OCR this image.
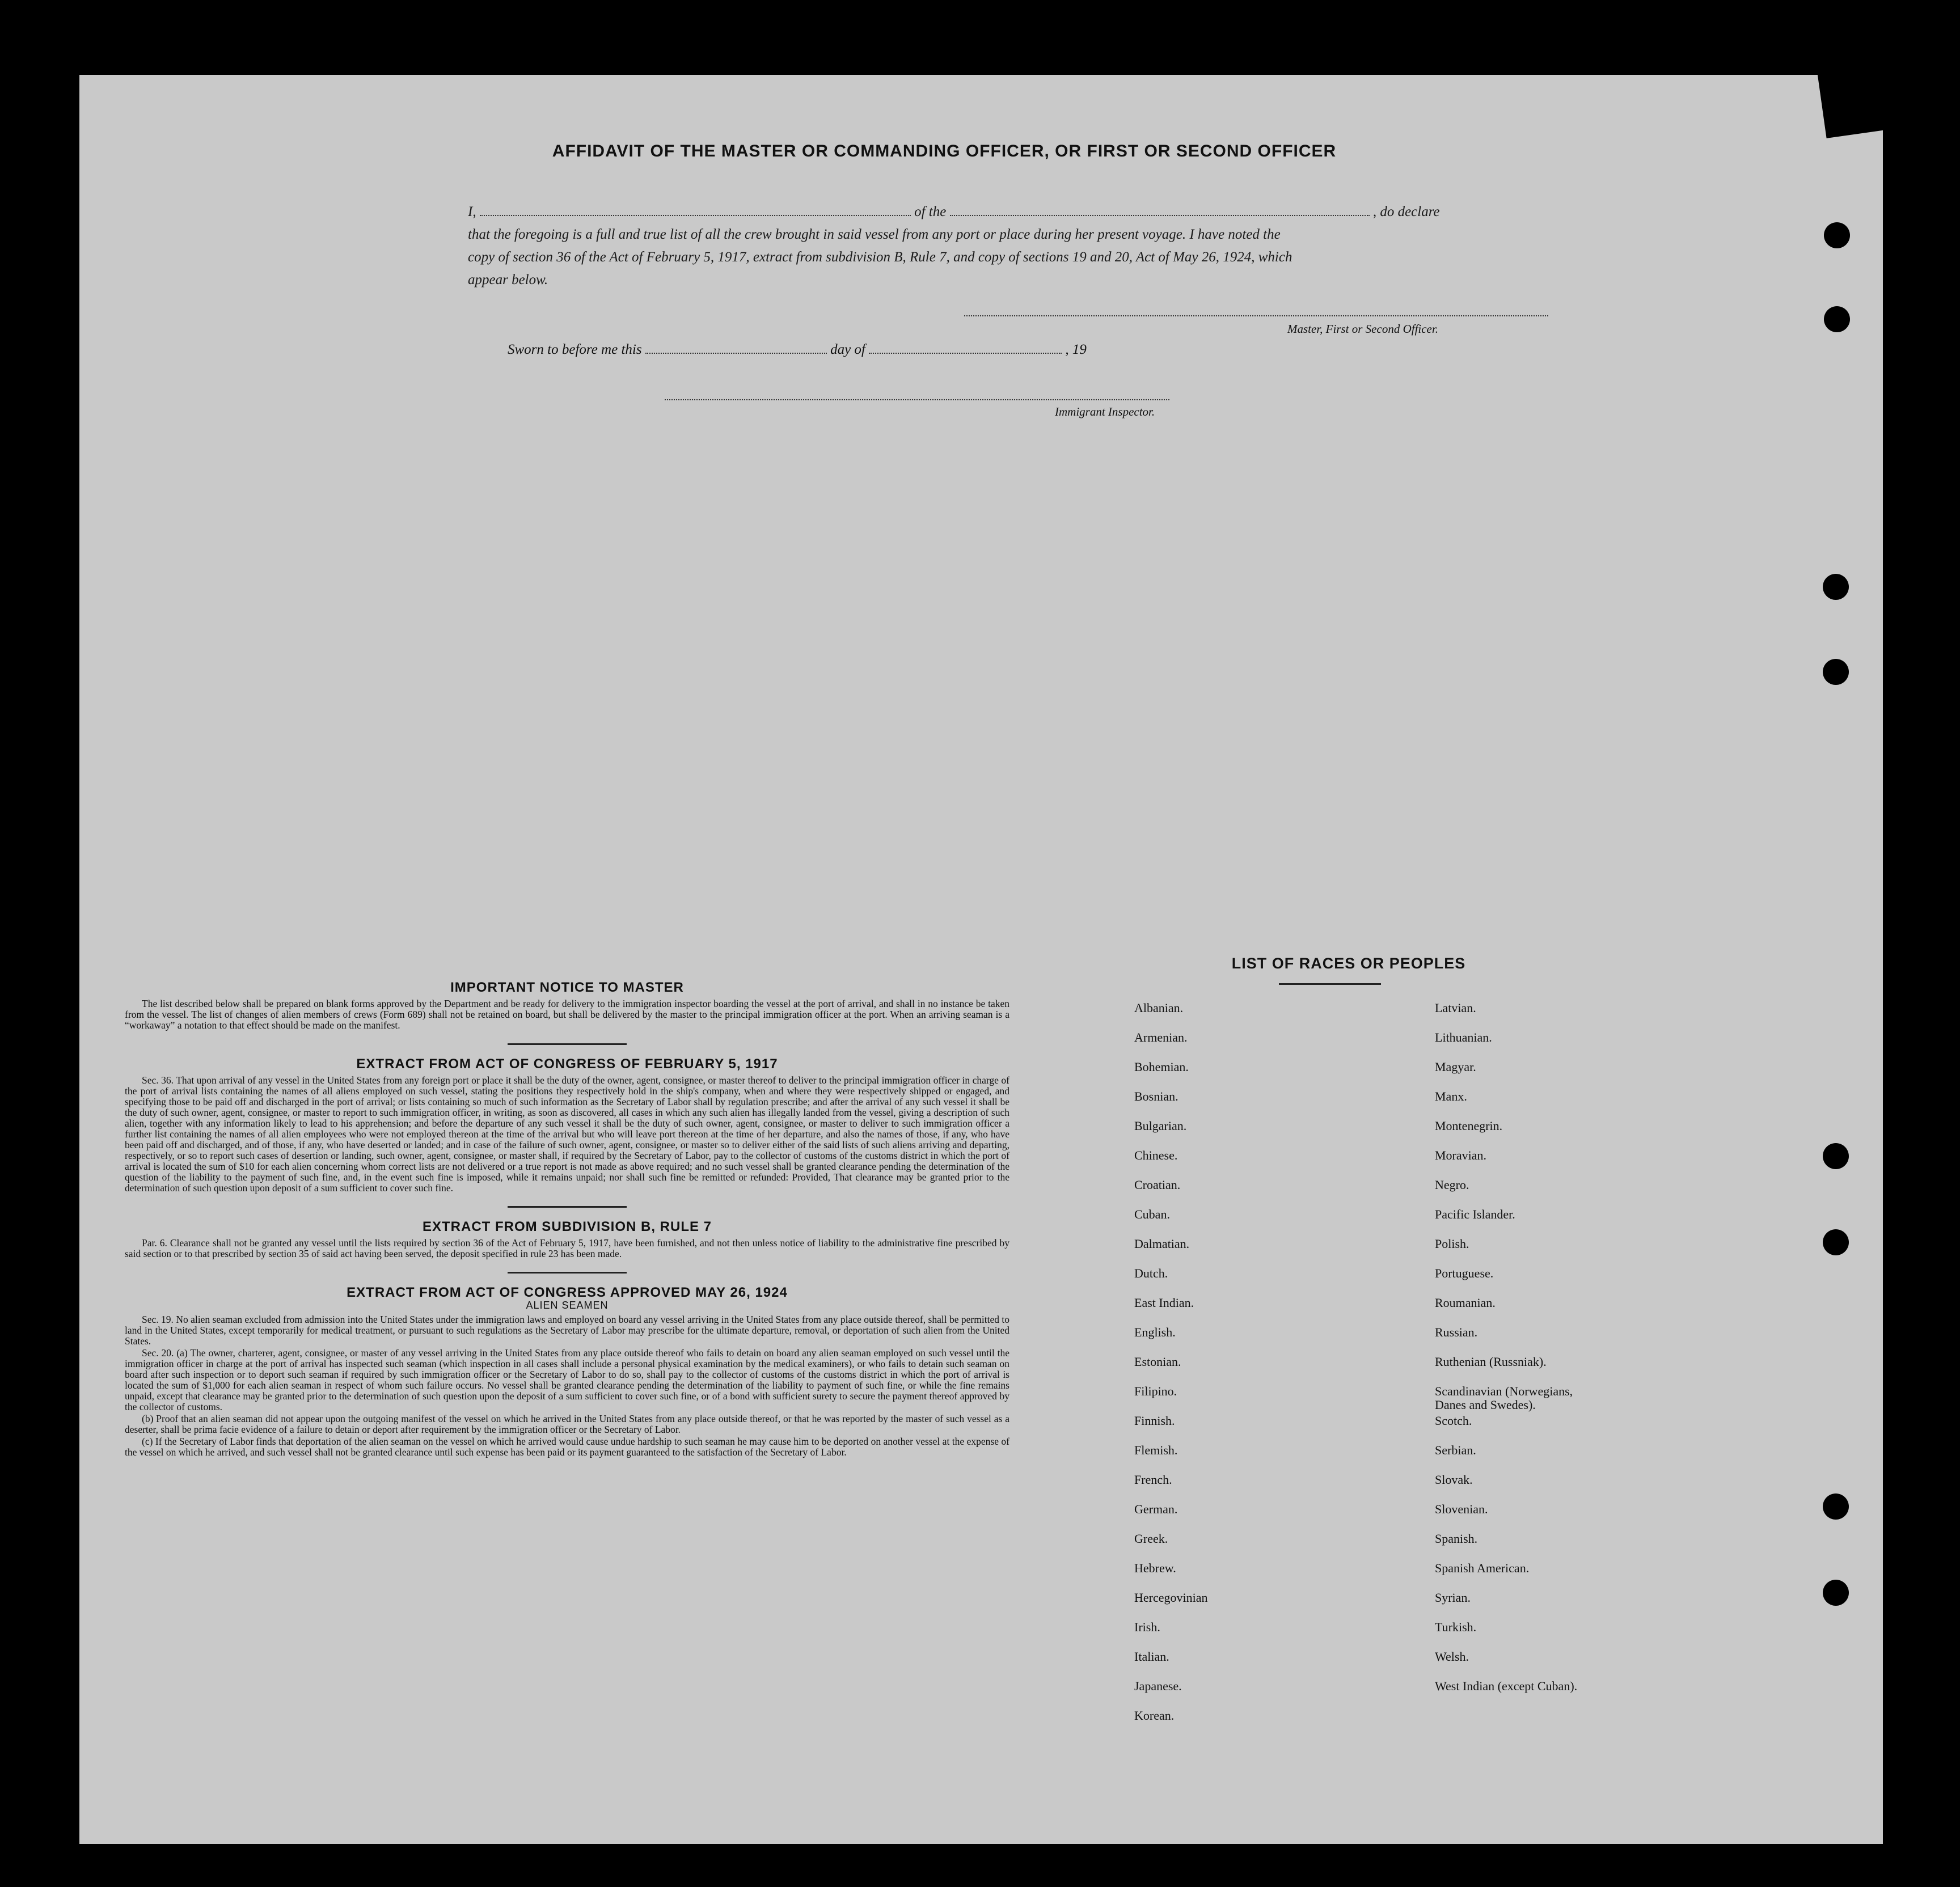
AFFIDAVIT OF THE MASTER OR COMMANDING OFFICER, OR FIRST OR SECOND OFFICER
I,	of the	, do declare
that the foregoing is a full and true list of all the crew brought in said vessel from any port or place during her present voyage. I have noted the
copy of section 36 of the Act of February 5, 1917, extract from subdivision B, Rule 7, and copy of sections 19 and 20, Act of May 26, 1924, which
appear below.
Master, First or Second Officer.
Sworn to before me this	day of	, 19
Immigrant Inspector.
IMPORTANT NOTICE TO MASTER

The list described below shall be prepared on blank forms approved by the Department and be ready for delivery to the immigration inspector boarding the vessel at the port of arrival, and shall in no instance be taken from the vessel. The list of changes of alien members of crews (Form 689) shall not be retained on board, but shall be delivered by the master to the principal immigration officer at the port. When an arriving seaman is a “workaway” a notation to that effect should be made on the manifest.

EXTRACT FROM ACT OF CONGRESS OF FEBRUARY 5, 1917

Sec. 36. That upon arrival of any vessel in the United States from any foreign port or place it shall be the duty of the owner, agent, consignee, or master thereof to deliver to the principal immigration officer in charge of the port of arrival lists containing the names of all aliens employed on such vessel, stating the positions they respectively hold in the ship's company, when and where they were respectively shipped or engaged, and specifying those to be paid off and discharged in the port of arrival; or lists containing so much of such information as the Secretary of Labor shall by regulation prescribe; and after the arrival of any such vessel it shall be the duty of such owner, agent, consignee, or master to report to such immigration officer, in writing, as soon as discovered, all cases in which any such alien has illegally landed from the vessel, giving a description of such alien, together with any information likely to lead to his apprehension; and before the departure of any such vessel it shall be the duty of such owner, agent, consignee, or master to deliver to such immigration officer a further list containing the names of all alien employees who were not employed thereon at the time of the arrival but who will leave port thereon at the time of her departure, and also the names of those, if any, who have been paid off and discharged, and of those, if any, who have deserted or landed; and in case of the failure of such owner, agent, consignee, or master so to deliver either of the said lists of such aliens arriving and departing, respectively, or so to report such cases of desertion or landing, such owner, agent, consignee, or master shall, if required by the Secretary of Labor, pay to the collector of customs of the customs district in which the port of arrival is located the sum of $10 for each alien concerning whom correct lists are not delivered or a true report is not made as above required; and no such vessel shall be granted clearance pending the determination of the question of the liability to the payment of such fine, and, in the event such fine is imposed, while it remains unpaid; nor shall such fine be remitted or refunded: Provided, That clearance may be granted prior to the determination of such question upon deposit of a sum sufficient to cover such fine.

EXTRACT FROM SUBDIVISION B, RULE 7

Par. 6. Clearance shall not be granted any vessel until the lists required by section 36 of the Act of February 5, 1917, have been furnished, and not then unless notice of liability to the administrative fine prescribed by said section or to that prescribed by section 35 of said act having been served, the deposit specified in rule 23 has been made.

EXTRACT FROM ACT OF CONGRESS APPROVED MAY 26, 1924
ALIEN SEAMEN

Sec. 19. No alien seaman excluded from admission into the United States under the immigration laws and employed on board any vessel arriving in the United States from any place outside thereof, shall be permitted to land in the United States, except temporarily for medical treatment, or pursuant to such regulations as the Secretary of Labor may prescribe for the ultimate departure, removal, or deportation of such alien from the United States.

Sec. 20. (a) The owner, charterer, agent, consignee, or master of any vessel arriving in the United States from any place outside thereof who fails to detain on board any alien seaman employed on such vessel until the immigration officer in charge at the port of arrival has inspected such seaman (which inspection in all cases shall include a personal physical examination by the medical examiners), or who fails to detain such seaman on board after such inspection or to deport such seaman if required by such immigration officer or the Secretary of Labor to do so, shall pay to the collector of customs of the customs district in which the port of arrival is located the sum of $1,000 for each alien seaman in respect of whom such failure occurs. No vessel shall be granted clearance pending the determination of the liability to payment of such fine, or while the fine remains unpaid, except that clearance may be granted prior to the determination of such question upon the deposit of a sum sufficient to cover such fine, or of a bond with sufficient surety to secure the payment thereof approved by the collector of customs.

(b) Proof that an alien seaman did not appear upon the outgoing manifest of the vessel on which he arrived in the United States from any place outside thereof, or that he was reported by the master of such vessel as a deserter, shall be prima facie evidence of a failure to detain or deport after requirement by the immigration officer or the Secretary of Labor.

(c) If the Secretary of Labor finds that deportation of the alien seaman on the vessel on which he arrived would cause undue hardship to such seaman he may cause him to be deported on another vessel at the expense of the vessel on which he arrived, and such vessel shall not be granted clearance until such expense has been paid or its payment guaranteed to the satisfaction of the Secretary of Labor.

LIST OF RACES OR PEOPLES
Albanian.
Armenian.
Bohemian.
Bosnian.
Bulgarian.
Chinese.
Croatian.
Cuban.
Dalmatian.
Dutch.
East Indian.
English.
Estonian.
Filipino.
Finnish.
Flemish.
French.
German.
Greek.
Hebrew.
Hercegovinian
Irish.
Italian.
Japanese.
Korean.
Latvian.
Lithuanian.
Magyar.
Manx.
Montenegrin.
Moravian.
Negro.
Pacific Islander.
Polish.
Portuguese.
Roumanian.
Russian.
Ruthenian (Russniak).
Scandinavian (Norwegians,
Danes and Swedes).
Scotch.
Serbian.
Slovak.
Slovenian.
Spanish.
Spanish American.
Syrian.
Turkish.
Welsh.
West Indian (except Cuban).
